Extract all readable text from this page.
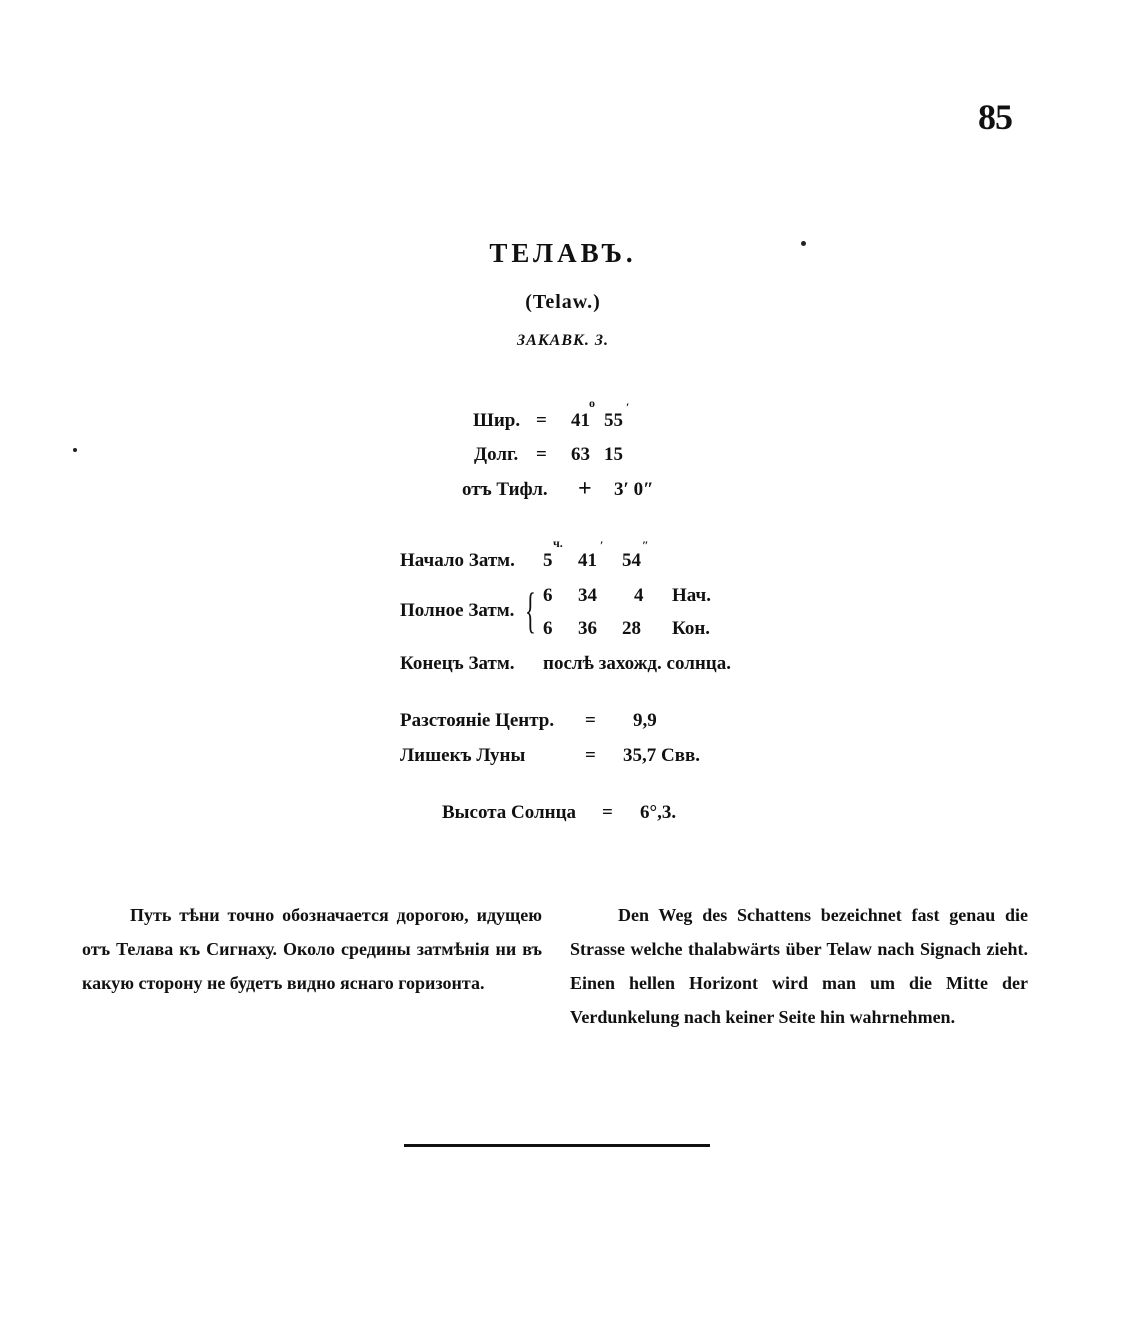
85
ТЕЛАВЪ.
(Telaw.)
ЗАКАВК. З.
Шир. = 41
o
55
′
Долг. = 63 15
отъ Тифл. + 3′ 0″
Начало Затм. 5
ч.
41
′
54
″
Полное Затм. { 6 34 4 Нач.
6 36 28 Кон.
Конецъ Затм. послѣ захожд. солнца.
Разстояніе Центр. = 9,9
Лишекъ Луны	= 35,7 Свв.
Высота Солнца = 6°,3.
Путь тѣни точно обозначается дорогою, идущею отъ Телава къ Сигнаху. Около средины затмѣнія ни въ какую сторону не будетъ видно яснаго горизонта.
Den Weg des Schattens bezeichnet fast genau die Strasse welche thalabwärts über Telaw nach Signach zieht. Einen hellen Horizont wird man um die Mitte der Verdunkelung nach keiner Seite hin wahrnehmen.
